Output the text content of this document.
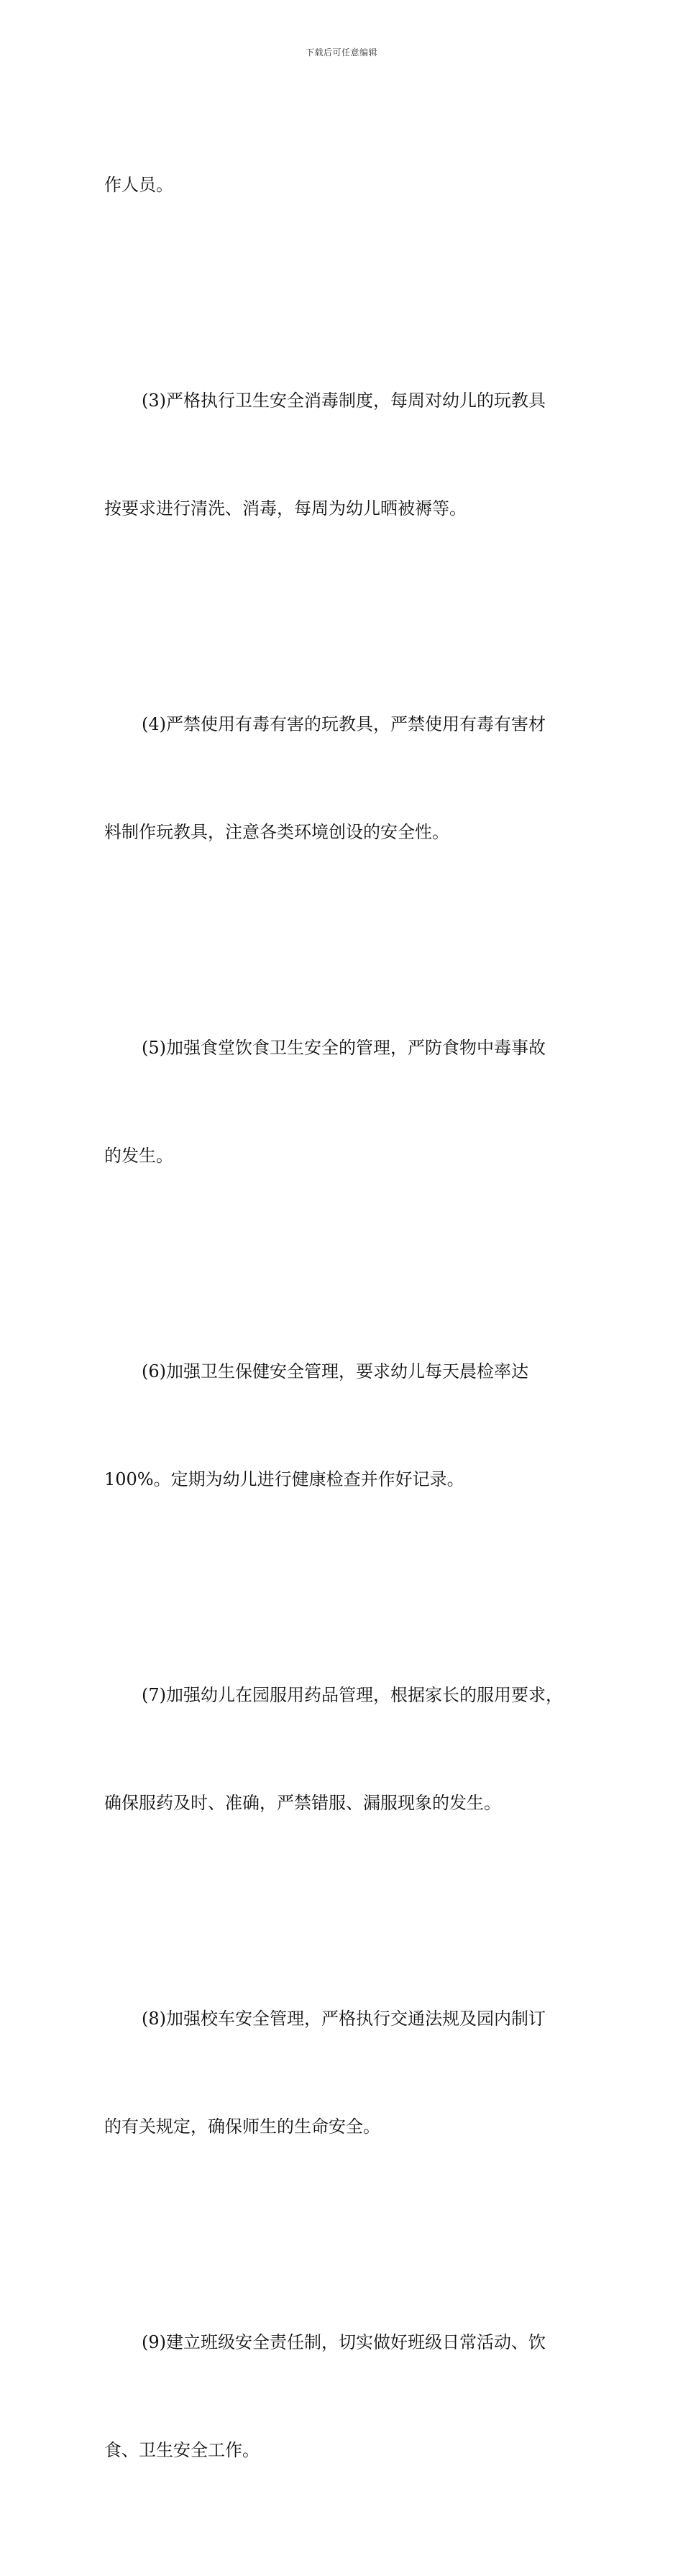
下载后可任意编辑

作人员。

(3)严格执行卫生安全消毒制度，每周对幼儿的玩教具

按要求进行清洗、消毒，每周为幼儿晒被褥等。

(4)严禁使用有毒有害的玩教具，严禁使用有毒有害材

料制作玩教具，注意各类环境创设的安全性。

(5)加强食堂饮食卫生安全的管理，严防食物中毒事故

的发生。

(6)加强卫生保健安全管理，要求幼儿每天晨检率达

100%。定期为幼儿进行健康检查并作好记录。

(7)加强幼儿在园服用药品管理，根据家长的服用要求，

确保服药及时、准确，严禁错服、漏服现象的发生。

(8)加强校车安全管理，严格执行交通法规及园内制订

的有关规定，确保师生的生命安全。

(9)建立班级安全责任制，切实做好班级日常活动、饮

食、卫生安全工作。
